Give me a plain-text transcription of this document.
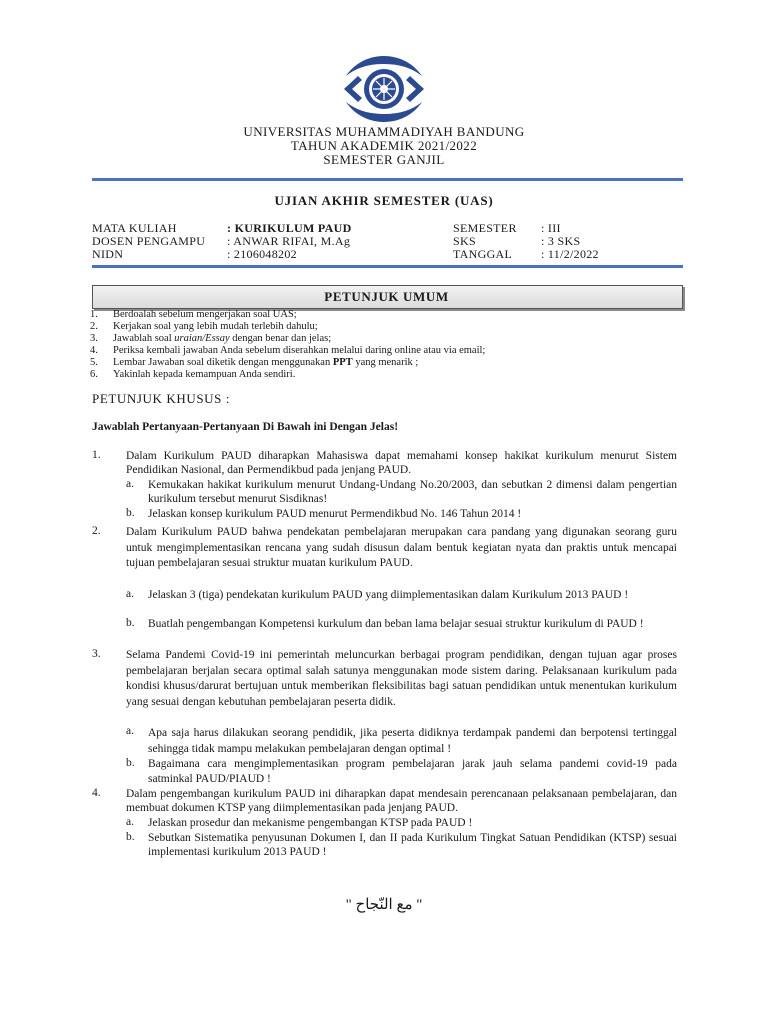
UNIVERSITAS MUHAMMADIYAH BANDUNG
TAHUN AKADEMIK 2021/2022
SEMESTER GANJIL
UJIAN AKHIR SEMESTER (UAS)
MATA KULIAH	: KURIKULUM PAUD
DOSEN PENGAMPU : ANWAR RIFAI, M.Ag
NIDN	: 2106048202
SEMESTER : III
SKS	: 3 SKS
TANGGAL : 11/2/2022
PETUNJUK UMUM
1. Berdoalah sebelum mengerjakan soal UAS;
2. Kerjakan soal yang lebih mudah terlebih dahulu;
3. Jawablah soal uraian/Essay dengan benar dan jelas;
4. Periksa kembali jawaban Anda sebelum diserahkan melalui daring online atau via email;
5. Lembar Jawaban soal diketik dengan menggunakan PPT yang menarik ;
6. Yakinlah kepada kemampuan Anda sendiri.
PETUNJUK KHUSUS :
Jawablah Pertanyaan-Pertanyaan Di Bawah ini Dengan Jelas!
1. Dalam Kurikulum PAUD diharapkan Mahasiswa dapat memahami konsep hakikat kurikulum menurut Sistem Pendidikan Nasional, dan Permendikbud pada jenjang PAUD.
a. Kemukakan hakikat kurikulum menurut Undang-Undang No.20/2003, dan sebutkan 2 dimensi dalam pengertian kurikulum tersebut menurut Sisdiknas!
b. Jelaskan konsep kurikulum PAUD menurut Permendikbud No. 146 Tahun 2014 !
2. Dalam Kurikulum PAUD bahwa pendekatan pembelajaran merupakan cara pandang yang digunakan seorang guru untuk mengimplementasikan rencana yang sudah disusun dalam bentuk kegiatan nyata dan praktis untuk mencapai tujuan pembelajaran sesuai struktur muatan kurikulum PAUD.
a. Jelaskan 3 (tiga) pendekatan kurikulum PAUD yang diimplementasikan dalam Kurikulum 2013 PAUD !
b. Buatlah pengembangan Kompetensi kurkulum dan beban lama belajar sesuai struktur kurikulum di PAUD !
3. Selama Pandemi Covid-19 ini pemerintah meluncurkan berbagai program pendidikan, dengan tujuan agar proses pembelajaran berjalan secara optimal salah satunya menggunakan mode sistem daring. Pelaksanaan kurikulum pada kondisi khusus/darurat bertujuan untuk memberikan fleksibilitas bagi satuan pendidikan untuk menentukan kurikulum yang sesuai dengan kebutuhan pembelajaran peserta didik.
a. Apa saja harus dilakukan seorang pendidik, jika peserta didiknya terdampak pandemi dan berpotensi tertinggal sehingga tidak mampu melakukan pembelajaran dengan optimal !
b. Bagaimana cara mengimplementasikan program pembelajaran jarak jauh selama pandemi covid-19 pada satminkal PAUD/PIAUD !
4. Dalam pengembangan kurikulum PAUD ini diharapkan dapat mendesain perencanaan pelaksanaan pembelajaran, dan membuat dokumen KTSP yang diimplementasikan pada jenjang PAUD.
a. Jelaskan prosedur dan mekanisme pengembangan KTSP pada PAUD !
b. Sebutkan Sistematika penyusunan Dokumen I, dan II pada Kurikulum Tingkat Satuan Pendidikan (KTSP) sesuai implementasi kurikulum 2013 PAUD !
" مع النّجاح "
